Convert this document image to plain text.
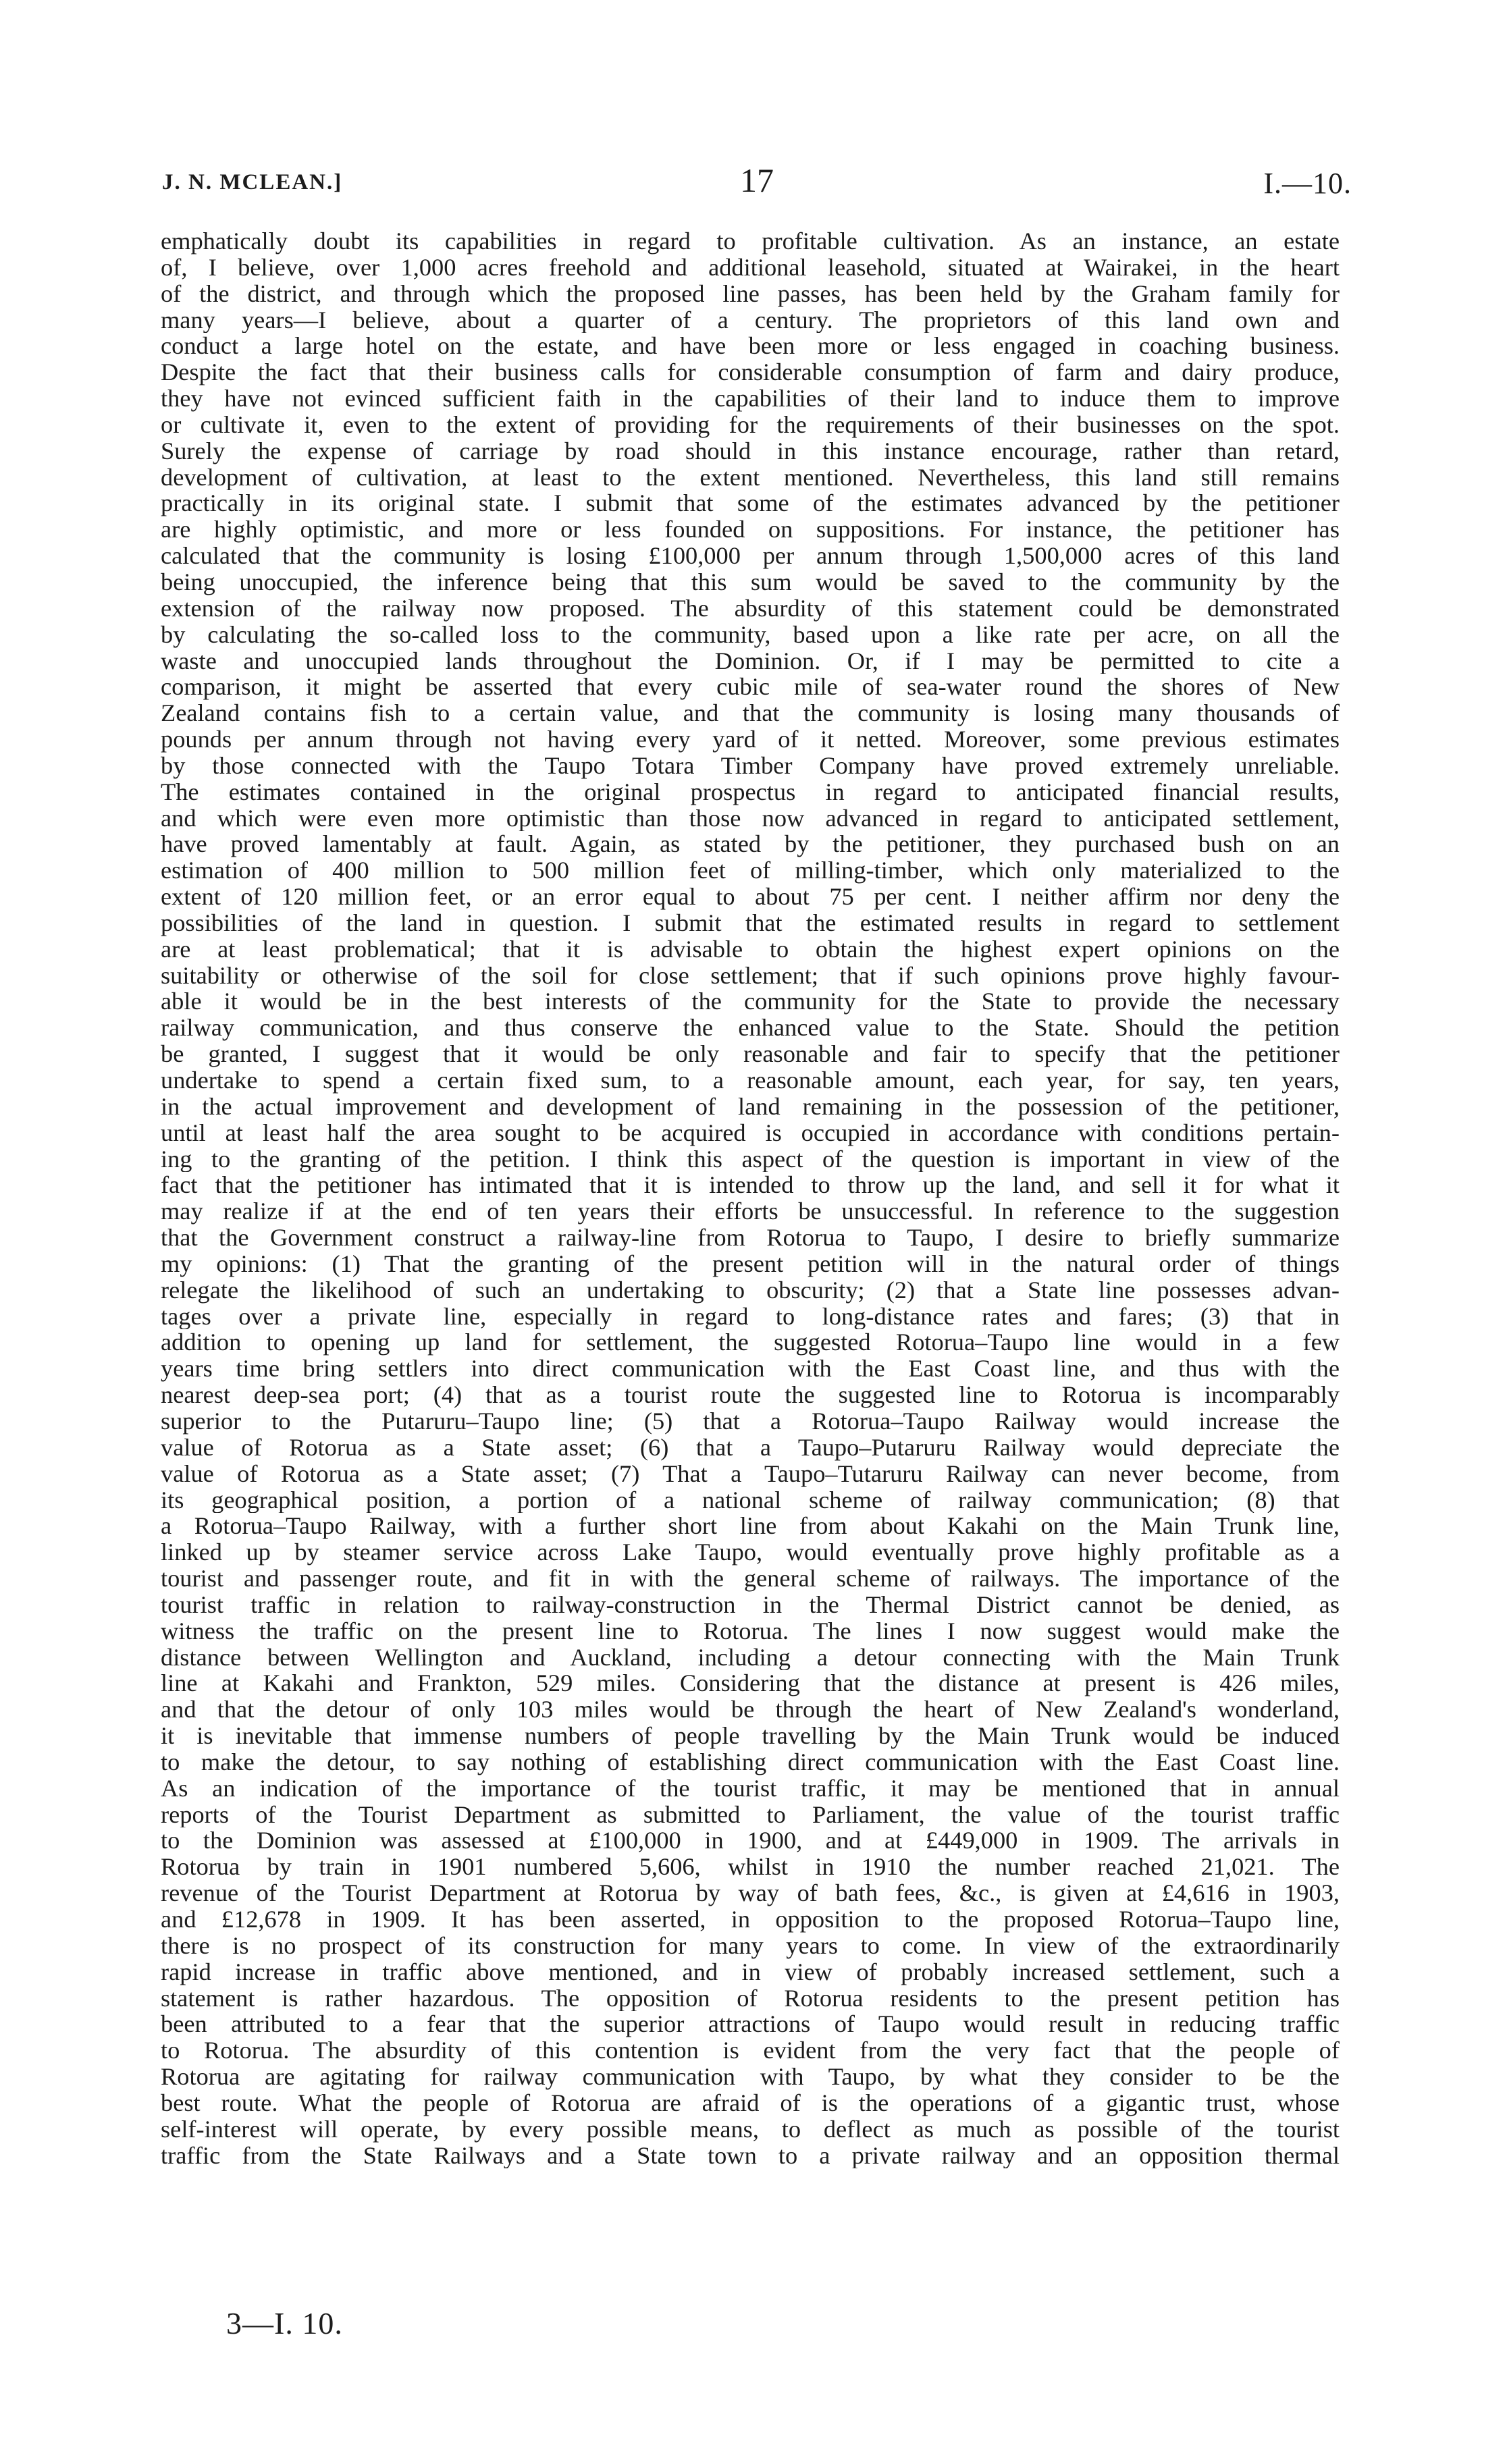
J. N. MCLEAN.]	17	I.—10.
emphatically doubt its capabilities in regard to profitable cultivation. As an instance, an estate
of, I believe, over 1,000 acres freehold and additional leasehold, situated at Wairakei, in the heart
of the district, and through which the proposed line passes, has been held by the Graham family for
many years—I believe, about a quarter of a century. The proprietors of this land own and
conduct a large hotel on the estate, and have been more or less engaged in coaching business.
Despite the fact that their business calls for considerable consumption of farm and dairy produce,
they have not evinced sufficient faith in the capabilities of their land to induce them to improve
or cultivate it, even to the extent of providing for the requirements of their businesses on the spot.
Surely the expense of carriage by road should in this instance encourage, rather than retard,
development of cultivation, at least to the extent mentioned. Nevertheless, this land still remains
practically in its original state. I submit that some of the estimates advanced by the petitioner
are highly optimistic, and more or less founded on suppositions. For instance, the petitioner has
calculated that the community is losing £100,000 per annum through 1,500,000 acres of this land
being unoccupied, the inference being that this sum would be saved to the community by the
extension of the railway now proposed. The absurdity of this statement could be demonstrated
by calculating the so-called loss to the community, based upon a like rate per acre, on all the
waste and unoccupied lands throughout the Dominion. Or, if I may be permitted to cite a
comparison, it might be asserted that every cubic mile of sea-water round the shores of New
Zealand contains fish to a certain value, and that the community is losing many thousands of
pounds per annum through not having every yard of it netted. Moreover, some previous estimates
by those connected with the Taupo Totara Timber Company have proved extremely unreliable.
The estimates contained in the original prospectus in regard to anticipated financial results,
and which were even more optimistic than those now advanced in regard to anticipated settlement,
have proved lamentably at fault. Again, as stated by the petitioner, they purchased bush on an
estimation of 400 million to 500 million feet of milling-timber, which only materialized to the
extent of 120 million feet, or an error equal to about 75 per cent. I neither affirm nor deny the
possibilities of the land in question. I submit that the estimated results in regard to settlement
are at least problematical; that it is advisable to obtain the highest expert opinions on the
suitability or otherwise of the soil for close settlement; that if such opinions prove highly favour-
able it would be in the best interests of the community for the State to provide the necessary
railway communication, and thus conserve the enhanced value to the State. Should the petition
be granted, I suggest that it would be only reasonable and fair to specify that the petitioner
undertake to spend a certain fixed sum, to a reasonable amount, each year, for say, ten years,
in the actual improvement and development of land remaining in the possession of the petitioner,
until at least half the area sought to be acquired is occupied in accordance with conditions pertain-
ing to the granting of the petition. I think this aspect of the question is important in view of the
fact that the petitioner has intimated that it is intended to throw up the land, and sell it for what it
may realize if at the end of ten years their efforts be unsuccessful. In reference to the suggestion
that the Government construct a railway-line from Rotorua to Taupo, I desire to briefly summarize
my opinions: (1) That the granting of the present petition will in the natural order of things
relegate the likelihood of such an undertaking to obscurity; (2) that a State line possesses advan-
tages over a private line, especially in regard to long-distance rates and fares; (3) that in
addition to opening up land for settlement, the suggested Rotorua–Taupo line would in a few
years time bring settlers into direct communication with the East Coast line, and thus with the
nearest deep-sea port; (4) that as a tourist route the suggested line to Rotorua is incomparably
superior to the Putaruru–Taupo line; (5) that a Rotorua–Taupo Railway would increase the
value of Rotorua as a State asset; (6) that a Taupo–Putaruru Railway would depreciate the
value of Rotorua as a State asset; (7) That a Taupo–Tutaruru Railway can never become, from
its geographical position, a portion of a national scheme of railway communication; (8) that
a Rotorua–Taupo Railway, with a further short line from about Kakahi on the Main Trunk line,
linked up by steamer service across Lake Taupo, would eventually prove highly profitable as a
tourist and passenger route, and fit in with the general scheme of railways. The importance of the
tourist traffic in relation to railway-construction in the Thermal District cannot be denied, as
witness the traffic on the present line to Rotorua. The lines I now suggest would make the
distance between Wellington and Auckland, including a detour connecting with the Main Trunk
line at Kakahi and Frankton, 529 miles. Considering that the distance at present is 426 miles,
and that the detour of only 103 miles would be through the heart of New Zealand's wonderland,
it is inevitable that immense numbers of people travelling by the Main Trunk would be induced
to make the detour, to say nothing of establishing direct communication with the East Coast line.
As an indication of the importance of the tourist traffic, it may be mentioned that in annual
reports of the Tourist Department as submitted to Parliament, the value of the tourist traffic
to the Dominion was assessed at £100,000 in 1900, and at £449,000 in 1909. The arrivals in
Rotorua by train in 1901 numbered 5,606, whilst in 1910 the number reached 21,021. The
revenue of the Tourist Department at Rotorua by way of bath fees, &c., is given at £4,616 in 1903,
and £12,678 in 1909. It has been asserted, in opposition to the proposed Rotorua–Taupo line,
there is no prospect of its construction for many years to come. In view of the extraordinarily
rapid increase in traffic above mentioned, and in view of probably increased settlement, such a
statement is rather hazardous. The opposition of Rotorua residents to the present petition has
been attributed to a fear that the superior attractions of Taupo would result in reducing traffic
to Rotorua. The absurdity of this contention is evident from the very fact that the people of
Rotorua are agitating for railway communication with Taupo, by what they consider to be the
best route. What the people of Rotorua are afraid of is the operations of a gigantic trust, whose
self-interest will operate, by every possible means, to deflect as much as possible of the tourist
traffic from the State Railways and a State town to a private railway and an opposition thermal
3—I. 10.
